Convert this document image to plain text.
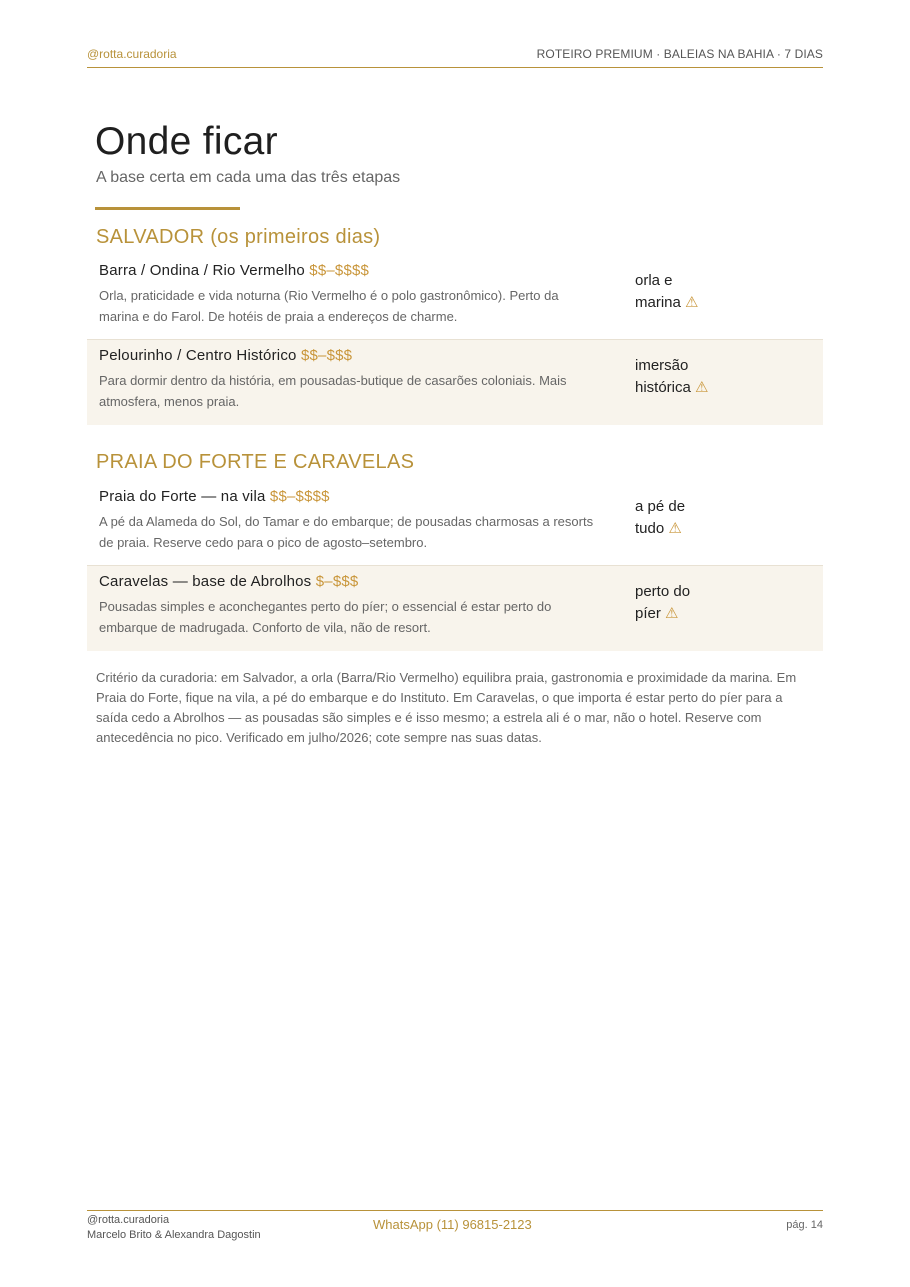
@rotta.curadoria	ROTEIRO PREMIUM · BALEIAS NA BAHIA · 7 DIAS
Onde ficar

A base certa em cada uma das três etapas

SALVADOR (os primeiros dias)
Barra / Ondina / Rio Vermelho $$–$$$$
Orla, praticidade e vida noturna (Rio Vermelho é o polo gastronômico). Perto da marina e do Farol. De hotéis de praia a endereços de charme.
orla e
marina ⚠
Pelourinho / Centro Histórico $$–$$$
Para dormir dentro da história, em pousadas-butique de casarões coloniais. Mais atmosfera, menos praia.
imersão
histórica ⚠
PRAIA DO FORTE E CARAVELAS
Praia do Forte — na vila $$–$$$$
A pé da Alameda do Sol, do Tamar e do embarque; de pousadas charmosas a resorts de praia. Reserve cedo para o pico de agosto–setembro.
a pé de
tudo ⚠
Caravelas — base de Abrolhos $–$$$
Pousadas simples e aconchegantes perto do píer; o essencial é estar perto do embarque de madrugada. Conforto de vila, não de resort.
perto do
píer ⚠

Critério da curadoria: em Salvador, a orla (Barra/Rio Vermelho) equilibra praia, gastronomia e proximidade da marina. Em Praia do Forte, fique na vila, a pé do embarque e do Instituto. Em Caravelas, o que importa é estar perto do píer para a saída cedo a Abrolhos — as pousadas são simples e é isso mesmo; a estrela ali é o mar, não o hotel. Reserve com antecedência no pico. Verificado em julho/2026; cote sempre nas suas datas.

@rotta.curadoria
Marcelo Brito & Alexandra Dagostin
WhatsApp (11) 96815-2123	pág. 14
